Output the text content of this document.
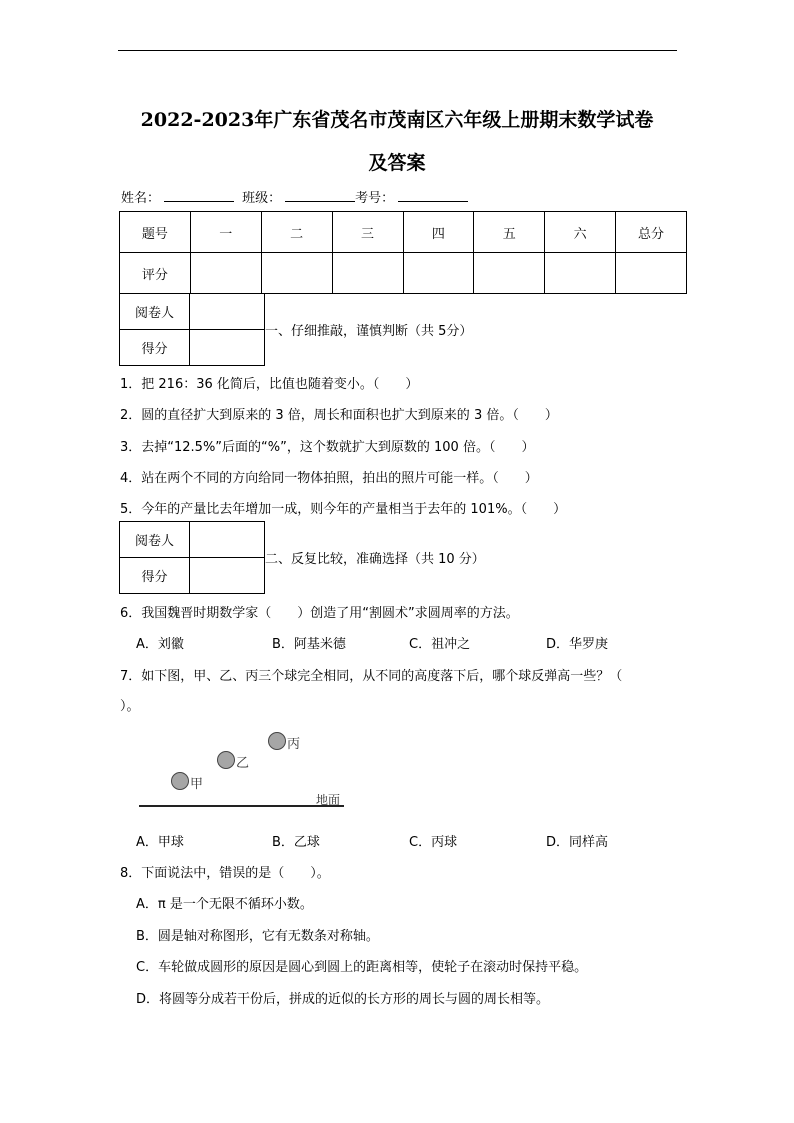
2022-2023年广东省茂名市茂南区六年级上册期末数学试卷
及答案
姓名：	班级：	考号：
题号	一	二	三	四	五	六	总分
评分							
阅卷人	
得分	
一、仔细推敲，谨慎判断（共 5分）
1．把 216：36 化简后，比值也随着变小。（　　）
2．圆的直径扩大到原来的 3 倍，周长和面积也扩大到原来的 3 倍。（　　）
3．去掉“12.5%”后面的“%”，这个数就扩大到原数的 100 倍。（　　）
4．站在两个不同的方向给同一物体拍照，拍出的照片可能一样。（　　）
5．今年的产量比去年增加一成，则今年的产量相当于去年的 101%。（　　）
阅卷人	
得分	
二、反复比较，准确选择（共 10 分）
6．我国魏晋时期数学家（　　）创造了用“割圆术”求圆周率的方法。
A．刘徽	B．阿基米德	C．祖冲之	D．华罗庚
7．如下图，甲、乙、丙三个球完全相同，从不同的高度落下后，哪个球反弹高一些？（
）。
甲
乙
丙
地面
A．甲球	B．乙球	C．丙球	D．同样高
8．下面说法中，错误的是（　　）。
A．π 是一个无限不循环小数。
B．圆是轴对称图形，它有无数条对称轴。
C．车轮做成圆形的原因是圆心到圆上的距离相等，使轮子在滚动时保持平稳。
D．将圆等分成若干份后，拼成的近似的长方形的周长与圆的周长相等。
